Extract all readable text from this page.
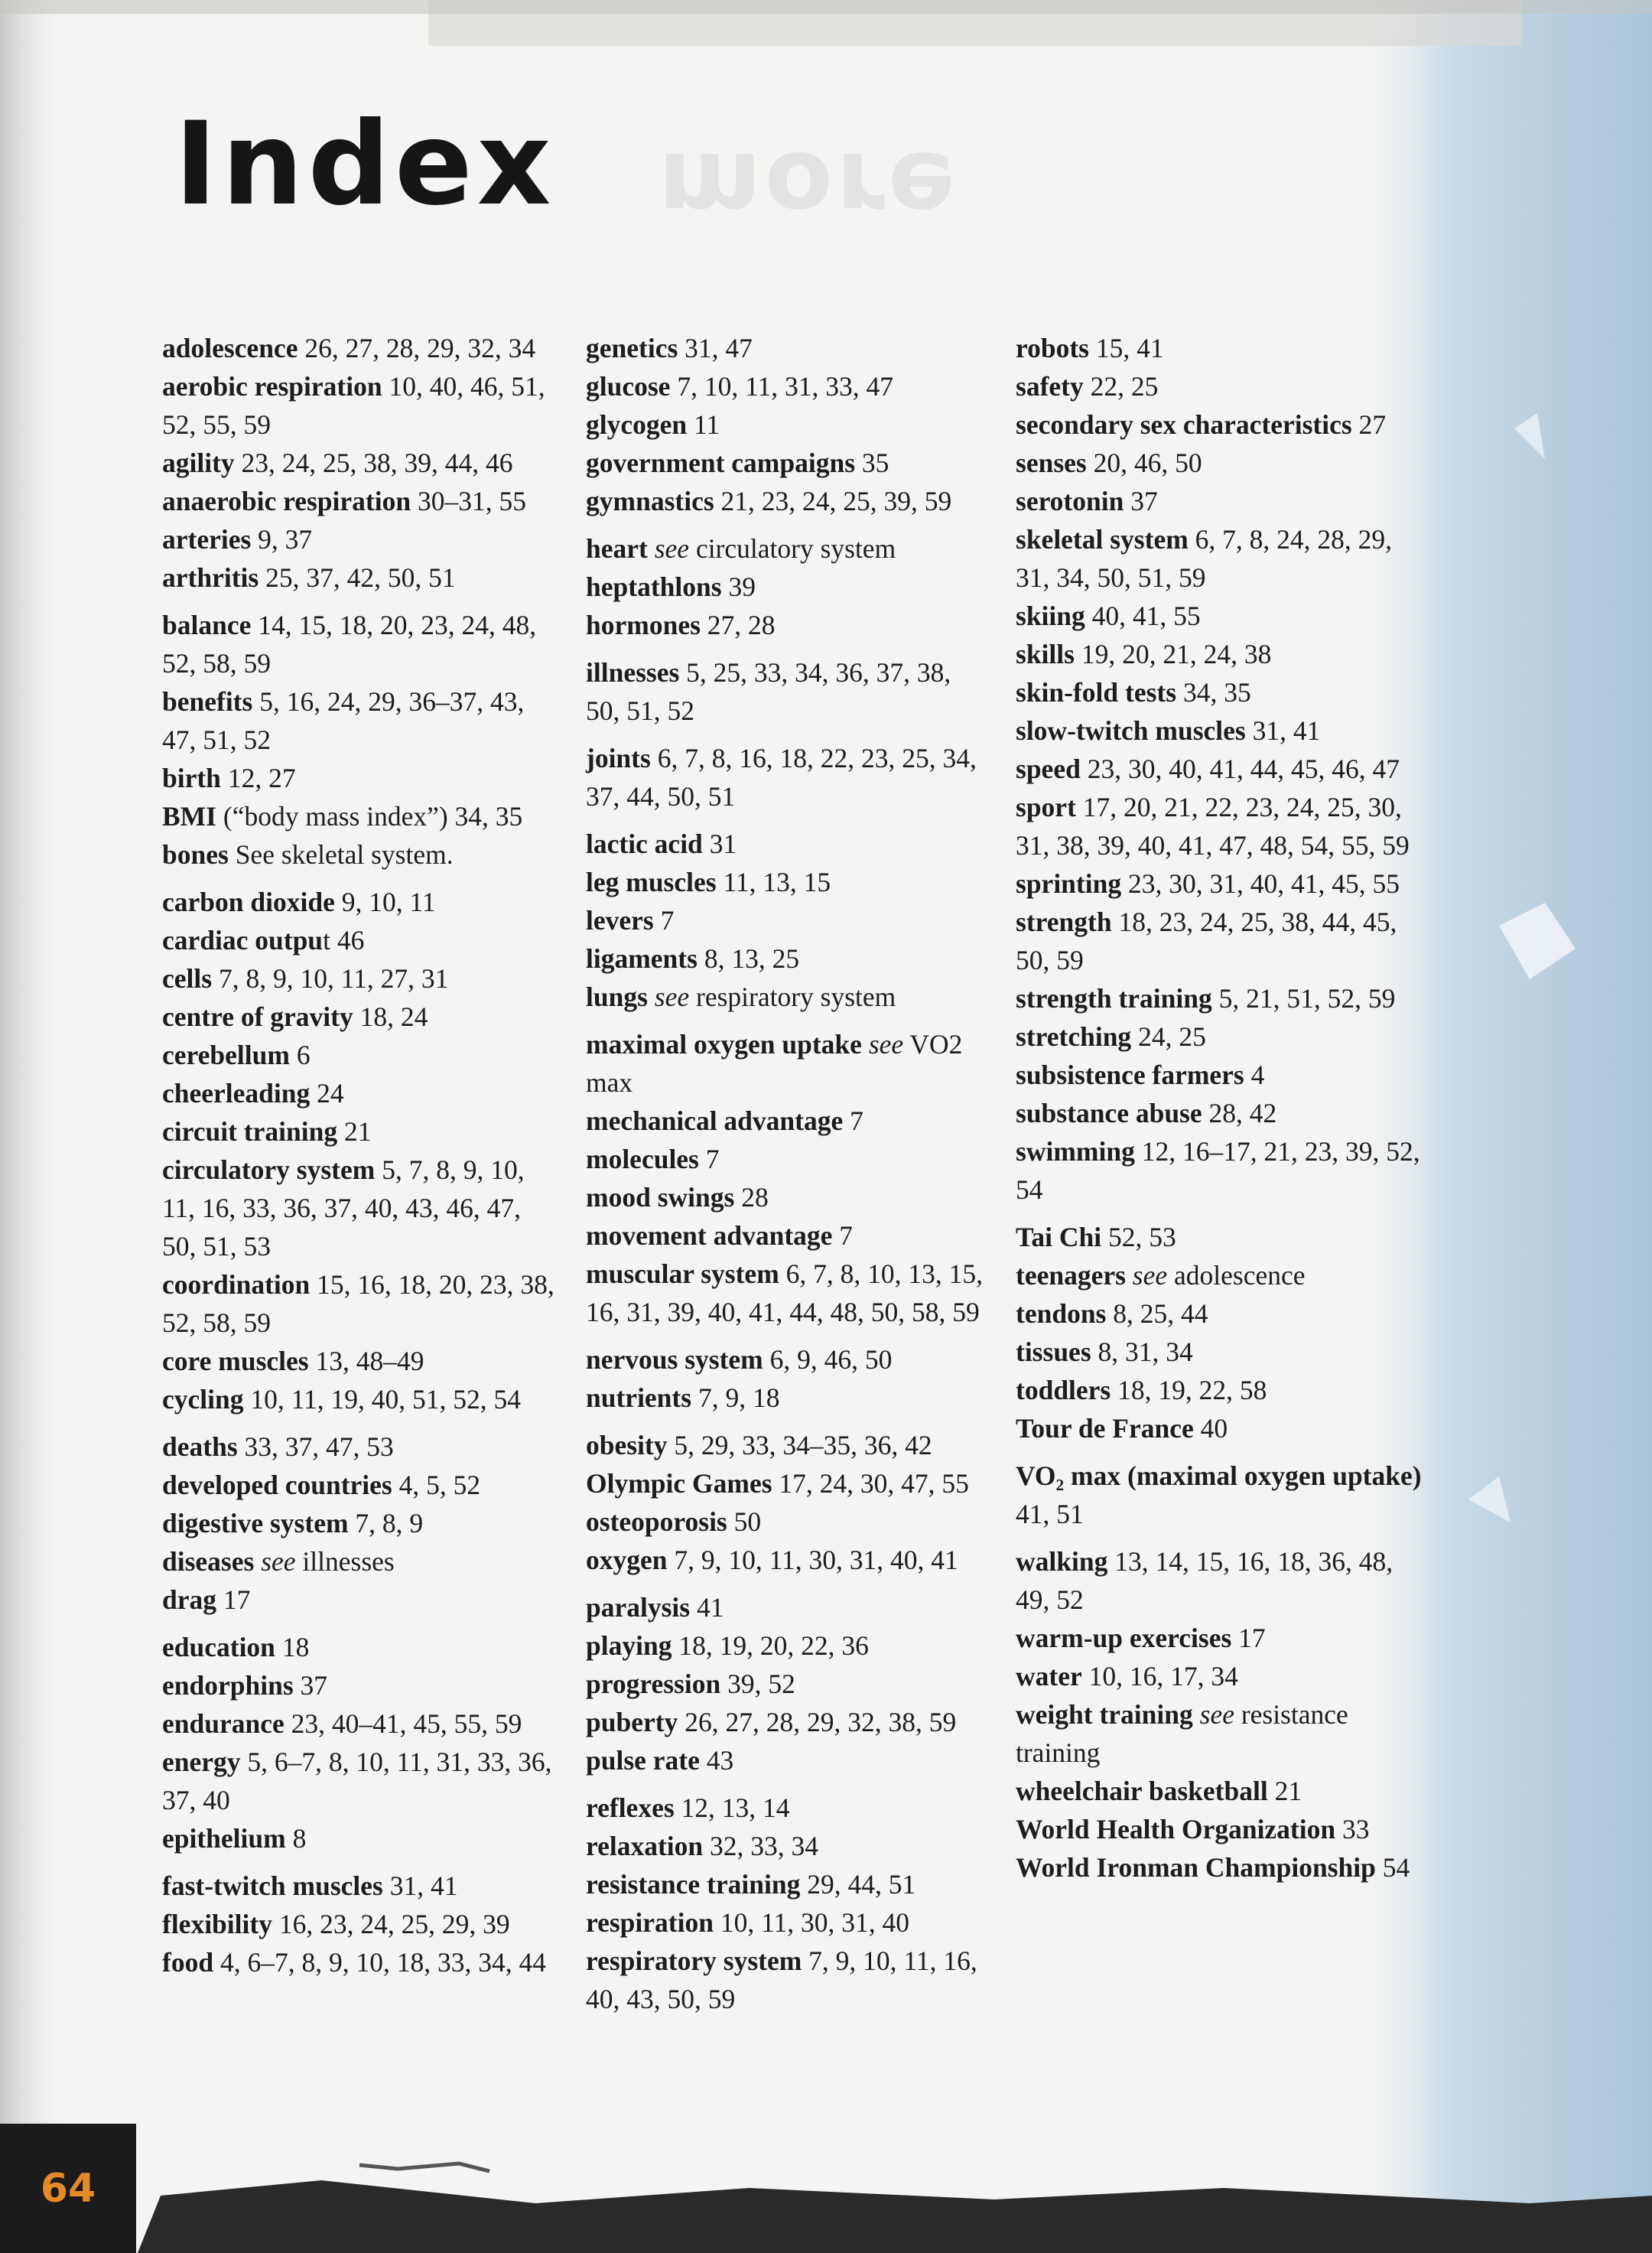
more
Index
adolescence 26, 27, 28, 29, 32, 34
aerobic respiration 10, 40, 46, 51, 52, 55, 59
agility 23, 24, 25, 38, 39, 44, 46
anaerobic respiration 30–31, 55
arteries 9, 37
arthritis 25, 37, 42, 50, 51
balance 14, 15, 18, 20, 23, 24, 48, 52, 58, 59
benefits 5, 16, 24, 29, 36–37, 43, 47, 51, 52
birth 12, 27
BMI (“body mass index”) 34, 35
bones See skeletal system.
carbon dioxide 9, 10, 11
cardiac output 46
cells 7, 8, 9, 10, 11, 27, 31
centre of gravity 18, 24
cerebellum 6
cheerleading 24
circuit training 21
circulatory system 5, 7, 8, 9, 10, 11, 16, 33, 36, 37, 40, 43, 46, 47, 50, 51, 53
coordination 15, 16, 18, 20, 23, 38, 52, 58, 59
core muscles 13, 48–49
cycling 10, 11, 19, 40, 51, 52, 54
deaths 33, 37, 47, 53
developed countries 4, 5, 52
digestive system 7, 8, 9
diseases see illnesses
drag 17
education 18
endorphins 37
endurance 23, 40–41, 45, 55, 59
energy 5, 6–7, 8, 10, 11, 31, 33, 36, 37, 40
epithelium 8
fast-twitch muscles 31, 41
flexibility 16, 23, 24, 25, 29, 39
food 4, 6–7, 8, 9, 10, 18, 33, 34, 44
genetics 31, 47
glucose 7, 10, 11, 31, 33, 47
glycogen 11
government campaigns 35
gymnastics 21, 23, 24, 25, 39, 59
heart see circulatory system
heptathlons 39
hormones 27, 28
illnesses 5, 25, 33, 34, 36, 37, 38, 50, 51, 52
joints 6, 7, 8, 16, 18, 22, 23, 25, 34, 37, 44, 50, 51
lactic acid 31
leg muscles 11, 13, 15
levers 7
ligaments 8, 13, 25
lungs see respiratory system
maximal oxygen uptake see VO2 max
mechanical advantage 7
molecules 7
mood swings 28
movement advantage 7
muscular system 6, 7, 8, 10, 13, 15, 16, 31, 39, 40, 41, 44, 48, 50, 58, 59
nervous system 6, 9, 46, 50
nutrients 7, 9, 18
obesity 5, 29, 33, 34–35, 36, 42
Olympic Games 17, 24, 30, 47, 55
osteoporosis 50
oxygen 7, 9, 10, 11, 30, 31, 40, 41
paralysis 41
playing 18, 19, 20, 22, 36
progression 39, 52
puberty 26, 27, 28, 29, 32, 38, 59
pulse rate 43
reflexes 12, 13, 14
relaxation 32, 33, 34
resistance training 29, 44, 51
respiration 10, 11, 30, 31, 40
respiratory system 7, 9, 10, 11, 16, 40, 43, 50, 59
robots 15, 41
safety 22, 25
secondary sex characteristics 27
senses 20, 46, 50
serotonin 37
skeletal system 6, 7, 8, 24, 28, 29, 31, 34, 50, 51, 59
skiing 40, 41, 55
skills 19, 20, 21, 24, 38
skin-fold tests 34, 35
slow-twitch muscles 31, 41
speed 23, 30, 40, 41, 44, 45, 46, 47
sport 17, 20, 21, 22, 23, 24, 25, 30, 31, 38, 39, 40, 41, 47, 48, 54, 55, 59
sprinting 23, 30, 31, 40, 41, 45, 55
strength 18, 23, 24, 25, 38, 44, 45, 50, 59
strength training 5, 21, 51, 52, 59
stretching 24, 25
subsistence farmers 4
substance abuse 28, 42
swimming 12, 16–17, 21, 23, 39, 52, 54
Tai Chi 52, 53
teenagers see adolescence
tendons 8, 25, 44
tissues 8, 31, 34
toddlers 18, 19, 22, 58
Tour de France 40
VO₂ max (maximal oxygen uptake) 41, 51
walking 13, 14, 15, 16, 18, 36, 48, 49, 52
warm-up exercises 17
water 10, 16, 17, 34
weight training see resistance training
wheelchair basketball 21
World Health Organization 33
World Ironman Championship 54
64
